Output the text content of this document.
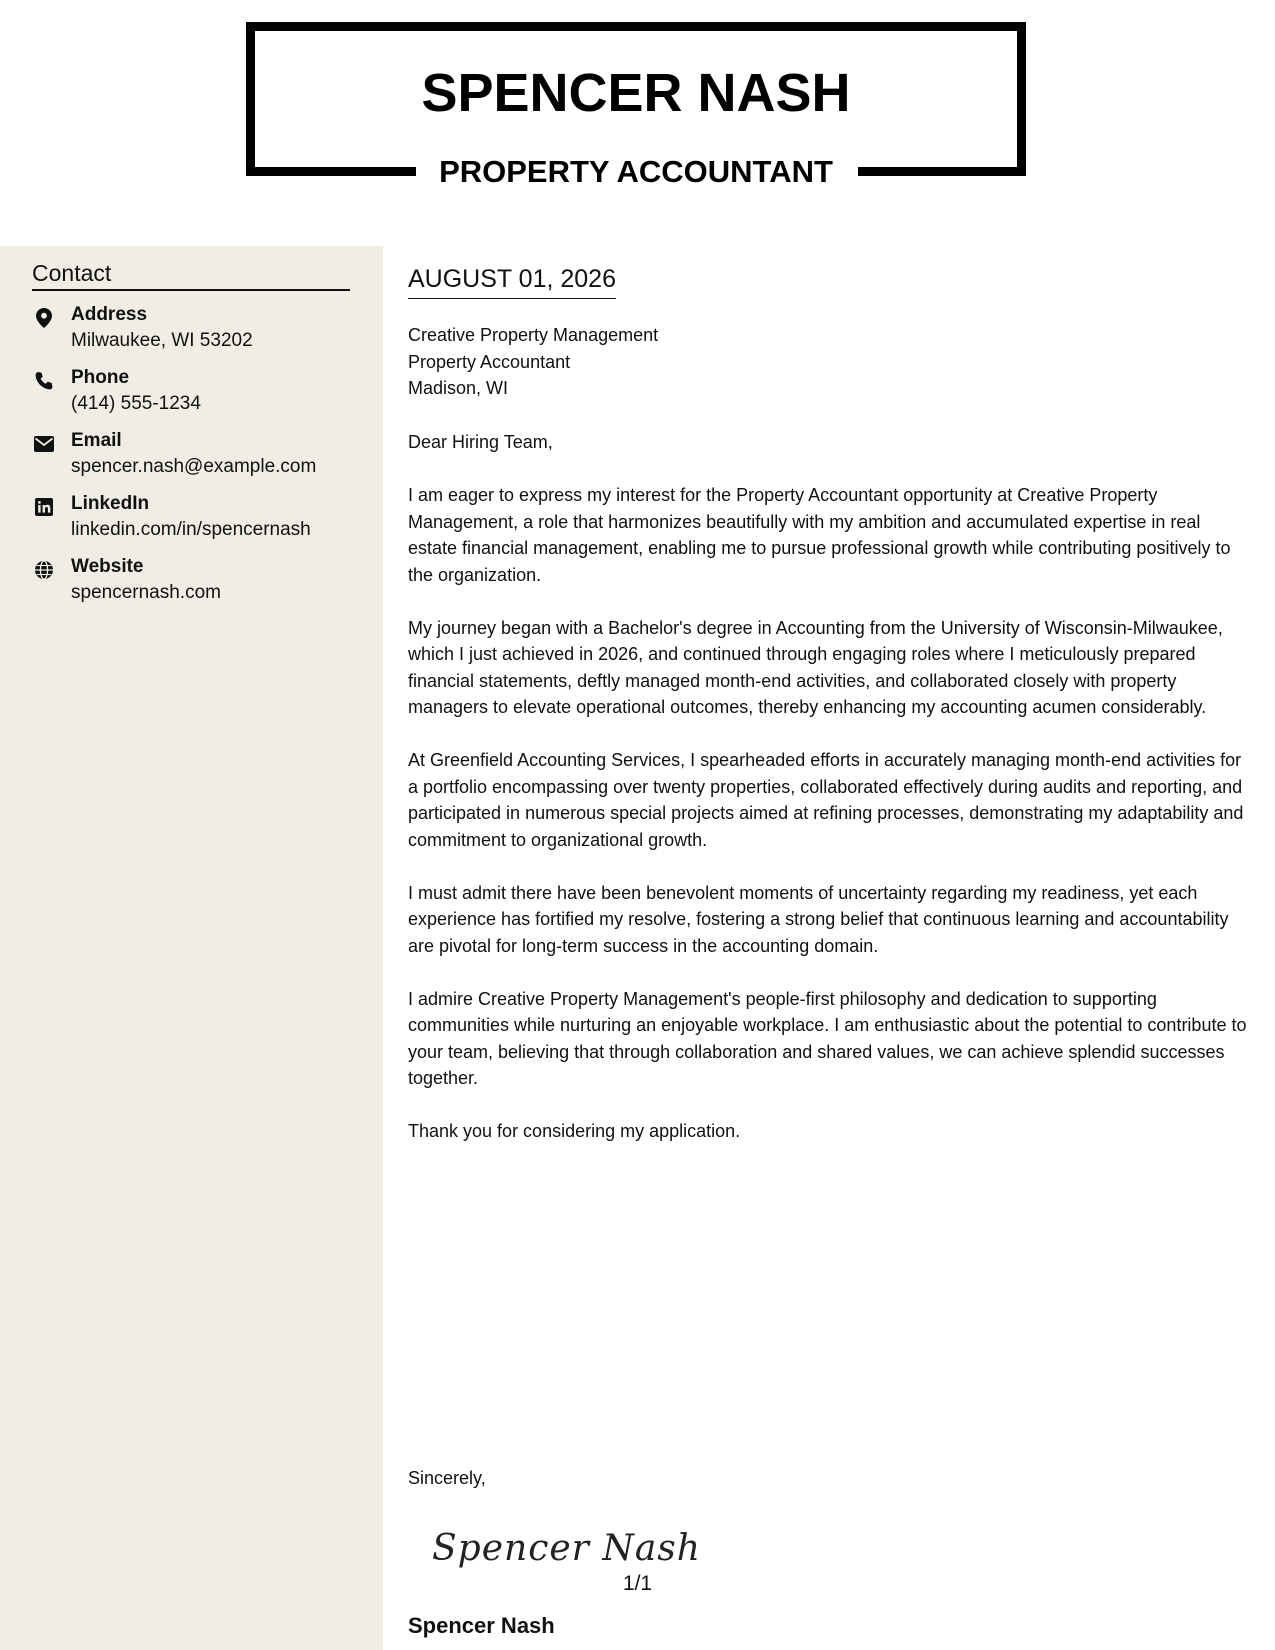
SPENCER NASH
PROPERTY ACCOUNTANT
Contact
Address
Milwaukee, WI 53202
Phone
(414) 555-1234
Email
spencer.nash@example.com
LinkedIn
linkedin.com/in/spencernash
Website
spencernash.com
AUGUST 01, 2026
Creative Property Management
Property Accountant
Madison, WI

Dear Hiring Team,

I am eager to express my interest for the Property Accountant opportunity at Creative Property Management, a role that harmonizes beautifully with my ambition and accumulated expertise in real estate financial management, enabling me to pursue professional growth while contributing positively to the organization.

My journey began with a Bachelor's degree in Accounting from the University of Wisconsin-Milwaukee, which I just achieved in 2026, and continued through engaging roles where I meticulously prepared financial statements, deftly managed month-end activities, and collaborated closely with property managers to elevate operational outcomes, thereby enhancing my accounting acumen considerably.

At Greenfield Accounting Services, I spearheaded efforts in accurately managing month-end activities for a portfolio encompassing over twenty properties, collaborated effectively during audits and reporting, and participated in numerous special projects aimed at refining processes, demonstrating my adaptability and commitment to organizational growth.

I must admit there have been benevolent moments of uncertainty regarding my readiness, yet each experience has fortified my resolve, fostering a strong belief that continuous learning and accountability are pivotal for long-term success in the accounting domain.

I admire Creative Property Management's people-first philosophy and dedication to supporting communities while nurturing an enjoyable workplace. I am enthusiastic about the potential to contribute to your team, believing that through collaboration and shared values, we can achieve splendid successes together.

Thank you for considering my application.

Sincerely,
Spencer Nash
Spencer Nash
1/1
